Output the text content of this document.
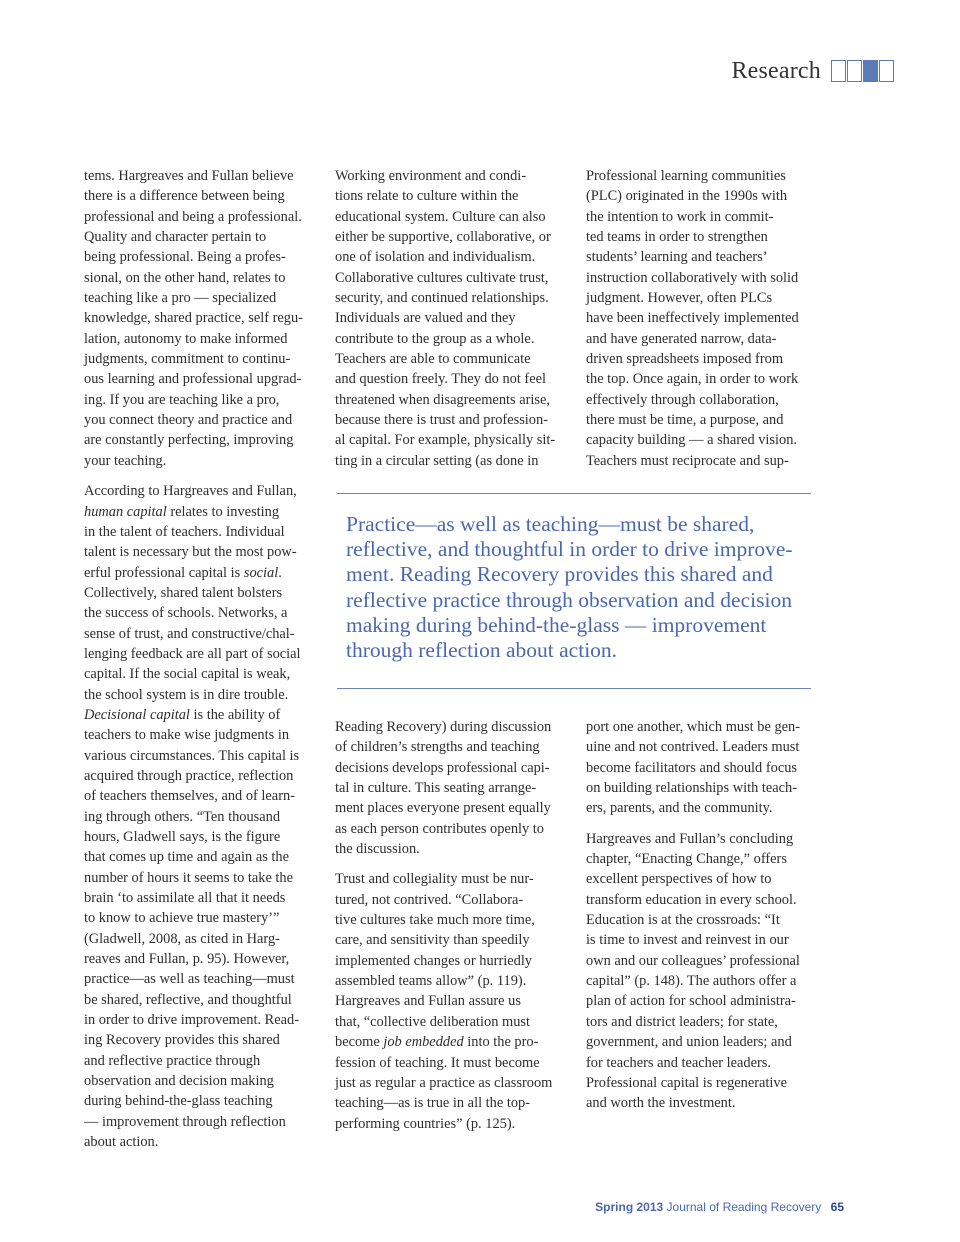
Research

tems. Hargreaves and Fullan believe
there is a difference between being
professional and being a professional.
Quality and character pertain to
being professional. Being a profes-
sional, on the other hand, relates to
teaching like a pro — specialized
knowledge, shared practice, self regu-
lation, autonomy to make informed
judgments, commitment to continu-
ous learning and professional upgrad-
ing. If you are teaching like a pro,
you connect theory and practice and
are constantly perfecting, improving
your teaching.

According to Hargreaves and Fullan,
human capital relates to investing
in the talent of teachers. Individual
talent is necessary but the most pow-
erful professional capital is social.
Collectively, shared talent bolsters
the success of schools. Networks, a
sense of trust, and constructive/chal-
lenging feedback are all part of social
capital. If the social capital is weak,
the school system is in dire trouble.
Decisional capital is the ability of
teachers to make wise judgments in
various circumstances. This capital is
acquired through practice, reflection
of teachers themselves, and of learn-
ing through others. “Ten thousand
hours, Gladwell says, is the figure
that comes up time and again as the
number of hours it seems to take the
brain ‘to assimilate all that it needs
to know to achieve true mastery’”
(Gladwell, 2008, as cited in Harg-
reaves and Fullan, p. 95). However,
practice—as well as teaching—must
be shared, reflective, and thoughtful
in order to drive improvement. Read-
ing Recovery provides this shared
and reflective practice through
observation and decision making
during behind-the-glass teaching
— improvement through reflection
about action.

Working environment and condi-
tions relate to culture within the
educational system. Culture can also
either be supportive, collaborative, or
one of isolation and individualism.
Collaborative cultures cultivate trust,
security, and continued relationships.
Individuals are valued and they
contribute to the group as a whole.
Teachers are able to communicate
and question freely. They do not feel
threatened when disagreements arise,
because there is trust and profession-
al capital. For example, physically sit-
ting in a circular setting (as done in

Professional learning communities
(PLC) originated in the 1990s with
the intention to work in commit-
ted teams in order to strengthen
students’ learning and teachers’
instruction collaboratively with solid
judgment. However, often PLCs
have been ineffectively implemented
and have generated narrow, data-
driven spreadsheets imposed from
the top. Once again, in order to work
effectively through collaboration,
there must be time, a purpose, and
capacity building — a shared vision.
Teachers must reciprocate and sup-

Practice—as well as teaching—must be shared,
reflective, and thoughtful in order to drive improve-
ment. Reading Recovery provides this shared and
reflective practice through observation and decision
making during behind-the-glass — improvement
through reflection about action.

Reading Recovery) during discussion
of children’s strengths and teaching
decisions develops professional capi-
tal in culture. This seating arrange-
ment places everyone present equally
as each person contributes openly to
the discussion.

Trust and collegiality must be nur-
tured, not contrived. “Collabora-
tive cultures take much more time,
care, and sensitivity than speedily
implemented changes or hurriedly
assembled teams allow” (p. 119).
Hargreaves and Fullan assure us
that, “collective deliberation must
become job embedded into the pro-
fession of teaching. It must become
just as regular a practice as classroom
teaching—as is true in all the top-
performing countries” (p. 125).

port one another, which must be gen-
uine and not contrived. Leaders must
become facilitators and should focus
on building relationships with teach-
ers, parents, and the community.

Hargreaves and Fullan’s concluding
chapter, “Enacting Change,” offers
excellent perspectives of how to
transform education in every school.
Education is at the crossroads: “It
is time to invest and reinvest in our
own and our colleagues’ professional
capital” (p. 148). The authors offer a
plan of action for school administra-
tors and district leaders; for state,
government, and union leaders; and
for teachers and teacher leaders.
Professional capital is regenerative
and worth the investment.

Spring 2013 Journal of Reading Recovery 65
